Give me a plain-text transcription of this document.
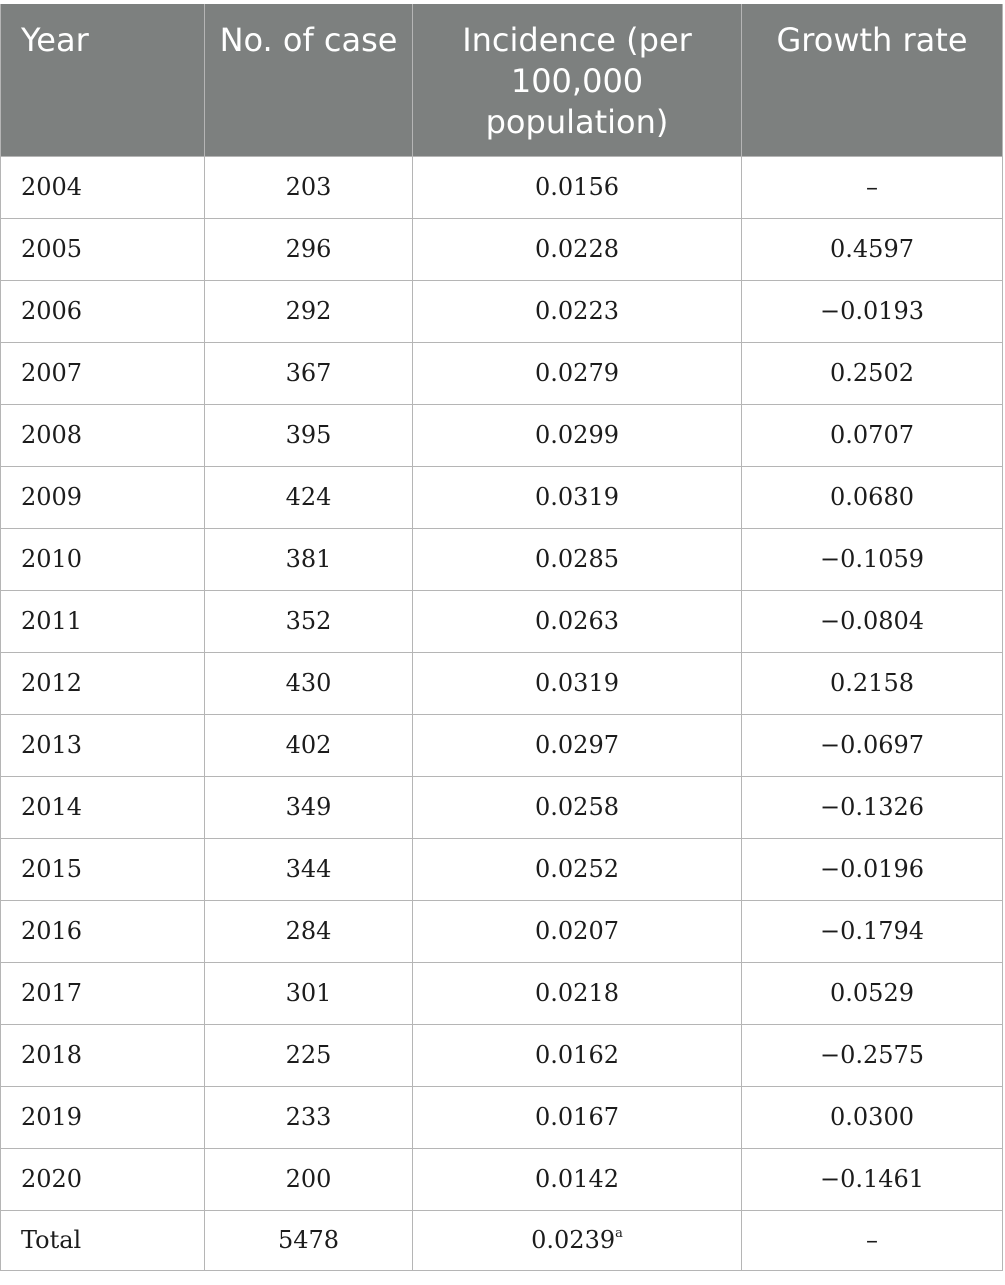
Year	No. of case	Incidence (per 100,000 population)	Growth rate
2004	203	0.0156	–
2005	296	0.0228	0.4597
2006	292	0.0223	−0.0193
2007	367	0.0279	0.2502
2008	395	0.0299	0.0707
2009	424	0.0319	0.0680
2010	381	0.0285	−0.1059
2011	352	0.0263	−0.0804
2012	430	0.0319	0.2158
2013	402	0.0297	−0.0697
2014	349	0.0258	−0.1326
2015	344	0.0252	−0.0196
2016	284	0.0207	−0.1794
2017	301	0.0218	0.0529
2018	225	0.0162	−0.2575
2019	233	0.0167	0.0300
2020	200	0.0142	−0.1461
Total	5478	0.0239$^a$	–
